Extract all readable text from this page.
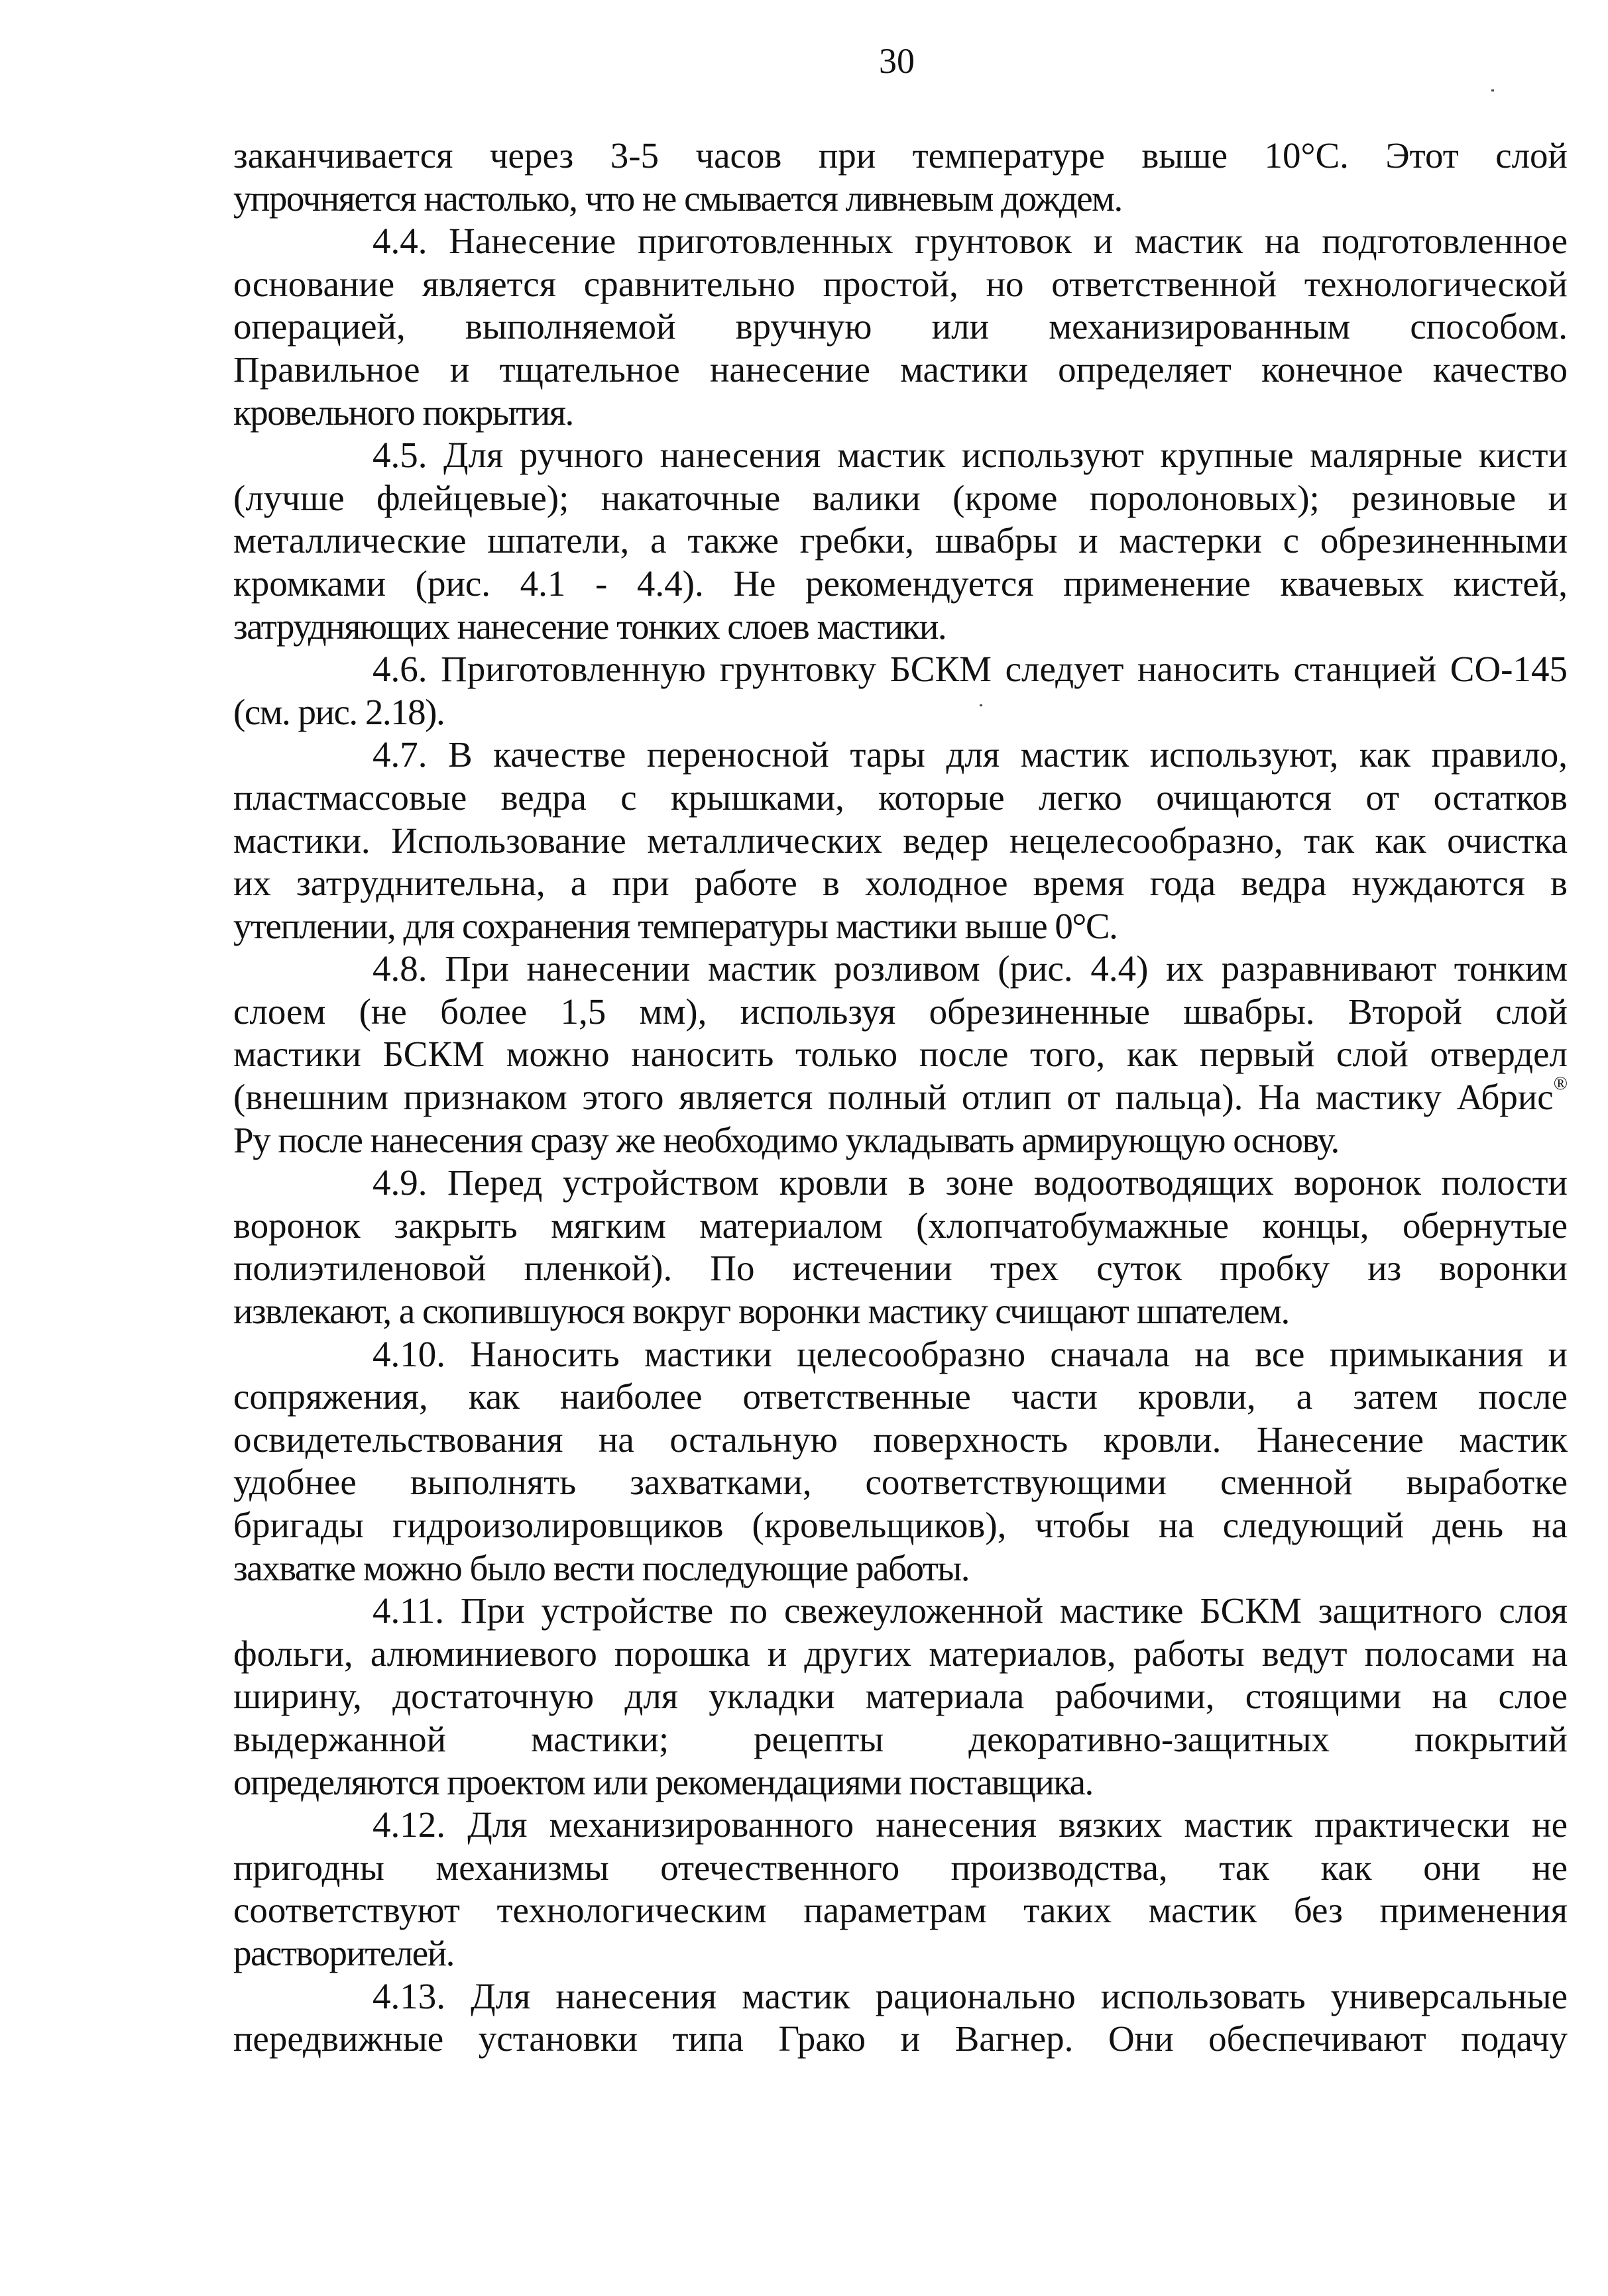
30
заканчивается через 3-5 часов при температуре выше 10°С. Этот слой
упрочняется настолько, что не смывается ливневым дождем.
4.4. Нанесение приготовленных грунтовок и мастик на подготовленное
основание является сравнительно простой, но ответственной технологической
операцией, выполняемой вручную или механизированным способом.
Правильное и тщательное нанесение мастики определяет конечное качество
кровельного покрытия.
4.5. Для ручного нанесения мастик используют крупные малярные кисти
(лучше флейцевые); накаточные валики (кроме поролоновых); резиновые и
металлические шпатели, а также гребки, швабры и мастерки с обрезиненными
кромками (рис. 4.1 - 4.4). Не рекомендуется применение квачевых кистей,
затрудняющих нанесение тонких слоев мастики.
4.6. Приготовленную грунтовку БСКМ следует наносить станцией СО-145
(см. рис. 2.18).
4.7. В качестве переносной тары для мастик используют, как правило,
пластмассовые ведра с крышками, которые легко очищаются от остатков
мастики. Использование металлических ведер нецелесообразно, так как очистка
их затруднительна, а при работе в холодное время года ведра нуждаются в
утеплении, для сохранения температуры мастики выше 0°С.
4.8. При нанесении мастик розливом (рис. 4.4) их разравнивают тонким
слоем (не более 1,5 мм), используя обрезиненные швабры. Второй слой
мастики БСКМ можно наносить только после того, как первый слой отвердел
(внешним признаком этого является полный отлип от пальца). На мастику Абрис®
Ру после нанесения сразу же необходимо укладывать армирующую основу.
4.9. Перед устройством кровли в зоне водоотводящих воронок полости
воронок закрыть мягким материалом (хлопчатобумажные концы, обернутые
полиэтиленовой пленкой). По истечении трех суток пробку из воронки
извлекают, а скопившуюся вокруг воронки мастику счищают шпателем.
4.10. Наносить мастики целесообразно сначала на все примыкания и
сопряжения, как наиболее ответственные части кровли, а затем после
освидетельствования на остальную поверхность кровли. Нанесение мастик
удобнее выполнять захватками, соответствующими сменной выработке
бригады гидроизолировщиков (кровельщиков), чтобы на следующий день на
захватке можно было вести последующие работы.
4.11. При устройстве по свежеуложенной мастике БСКМ защитного слоя
фольги, алюминиевого порошка и других материалов, работы ведут полосами на
ширину, достаточную для укладки материала рабочими, стоящими на слое
выдержанной мастики; рецепты декоративно-защитных покрытий
определяются проектом или рекомендациями поставщика.
4.12. Для механизированного нанесения вязких мастик практически не
пригодны механизмы отечественного производства, так как они не
соответствуют технологическим параметрам таких мастик без применения
растворителей.
4.13. Для нанесения мастик рационально использовать универсальные
передвижные установки типа Грако и Вагнер. Они обеспечивают подачу
